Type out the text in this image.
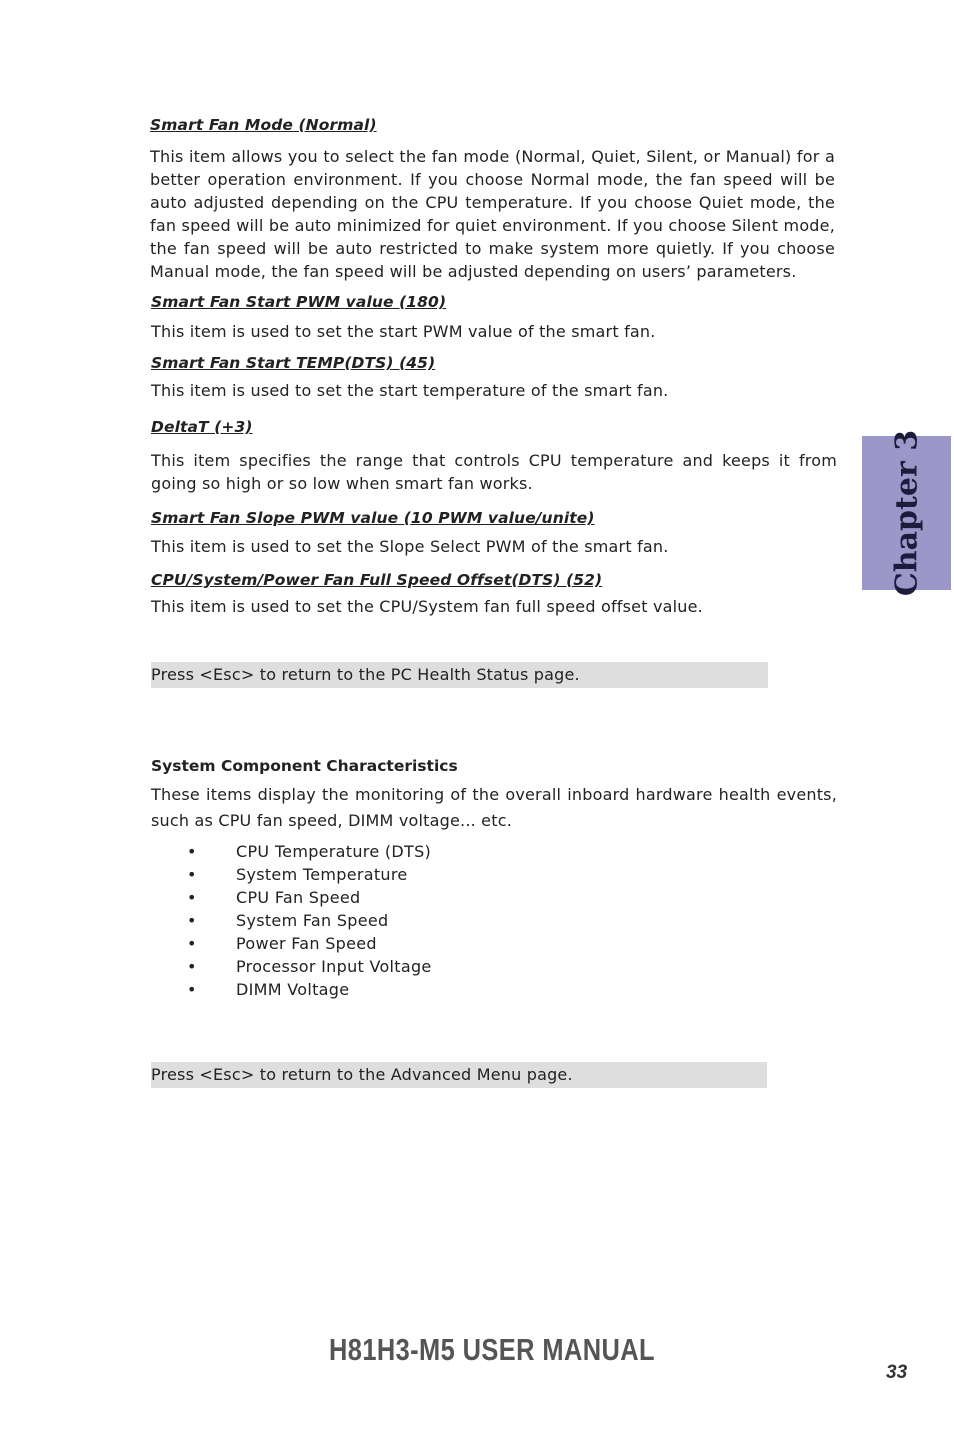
Smart Fan Mode (Normal)
This item allows you to select the fan mode (Normal, Quiet, Silent, or Manual) for a better operation environment. If you choose Normal mode, the fan speed will be auto adjusted depending on the CPU temperature. If you choose Quiet mode, the fan speed will be auto minimized for quiet environment. If you choose Silent mode, the fan speed will be auto restricted to make system more quietly. If you choose Manual mode, the fan speed will be adjusted depending on users’ parameters.
Smart Fan Start PWM value (180)
This item is used to set the start PWM value of the smart fan.
Smart Fan Start TEMP(DTS) (45)
This item is used to set the start temperature of the smart fan.
DeltaT (+3)
This item specifies the range that controls CPU temperature and keeps it from going so high or so low when smart fan works.
Smart Fan Slope PWM value (10 PWM value/unite)
This item is used to set the Slope Select PWM of the smart fan.
CPU/System/Power Fan Full Speed Offset(DTS) (52)
This item is used to set the CPU/System fan full speed offset value.
Press <Esc> to return to the PC Health Status page.
System Component Characteristics
These items display the monitoring of the overall inboard hardware health events, such as CPU fan speed, DIMM voltage... etc.
• CPU Temperature (DTS)
• System Temperature
• CPU Fan Speed
• System Fan Speed
• Power Fan Speed
• Processor Input Voltage
• DIMM Voltage
Press <Esc> to return to the Advanced Menu page.
Chapter 3
H81H3-M5 USER MANUAL
33
